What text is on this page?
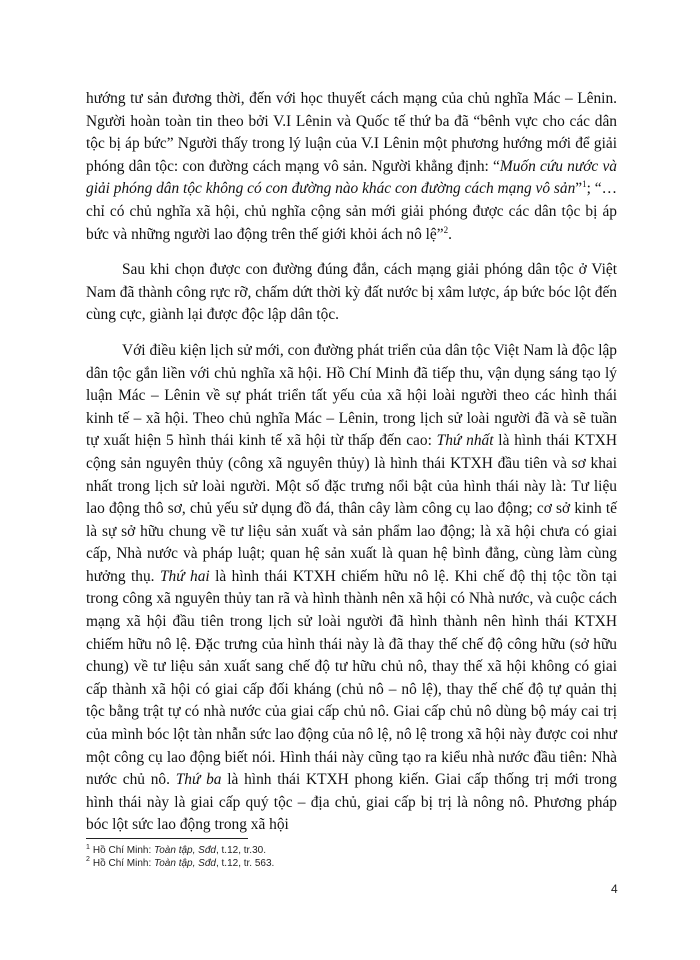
hướng tư sản đương thời, đến với học thuyết cách mạng của chủ nghĩa Mác – Lênin. Người hoàn toàn tin theo bởi V.I Lênin và Quốc tế thứ ba đã “bênh vực cho các dân tộc bị áp bức” Người thấy trong lý luận của V.I Lênin một phương hướng mới để giải phóng dân tộc: con đường cách mạng vô sản. Người khẳng định: “Muốn cứu nước và giải phóng dân tộc không có con đường nào khác con đường cách mạng vô sản”$^1$; “… chỉ có chủ nghĩa xã hội, chủ nghĩa cộng sản mới giải phóng được các dân tộc bị áp bức và những người lao động trên thế giới khỏi ách nô lệ”$^2$.

Sau khi chọn được con đường đúng đắn, cách mạng giải phóng dân tộc ở Việt Nam đã thành công rực rỡ, chấm dứt thời kỳ đất nước bị xâm lược, áp bức bóc lột đến cùng cực, giành lại được độc lập dân tộc.

Với điều kiện lịch sử mới, con đường phát triển của dân tộc Việt Nam là độc lập dân tộc gắn liền với chủ nghĩa xã hội. Hồ Chí Minh đã tiếp thu, vận dụng sáng tạo lý luận Mác – Lênin về sự phát triển tất yếu của xã hội loài người theo các hình thái kinh tế – xã hội. Theo chủ nghĩa Mác – Lênin, trong lịch sử loài người đã và sẽ tuần tự xuất hiện 5 hình thái kinh tế xã hội từ thấp đến cao: Thứ nhất là hình thái KTXH cộng sản nguyên thủy (công xã nguyên thủy) là hình thái KTXH đầu tiên và sơ khai nhất trong lịch sử loài người. Một số đặc trưng nổi bật của hình thái này là: Tư liệu lao động thô sơ, chủ yếu sử dụng đồ đá, thân cây làm công cụ lao động; cơ sở kinh tế là sự sở hữu chung về tư liệu sản xuất và sản phẩm lao động; là xã hội chưa có giai cấp, Nhà nước và pháp luật; quan hệ sản xuất là quan hệ bình đẳng, cùng làm cùng hưởng thụ. Thứ hai là hình thái KTXH chiếm hữu nô lệ. Khi chế độ thị tộc tồn tại trong công xã nguyên thủy tan rã và hình thành nên xã hội có Nhà nước, và cuộc cách mạng xã hội đầu tiên trong lịch sử loài người đã hình thành nên hình thái KTXH chiếm hữu nô lệ. Đặc trưng của hình thái này là đã thay thế chế độ công hữu (sở hữu chung) về tư liệu sản xuất sang chế độ tư hữu chủ nô, thay thế xã hội không có giai cấp thành xã hội có giai cấp đối kháng (chủ nô – nô lệ), thay thế chế độ tự quản thị tộc bằng trật tự có nhà nước của giai cấp chủ nô. Giai cấp chủ nô dùng bộ máy cai trị của mình bóc lột tàn nhẫn sức lao động của nô lệ, nô lệ trong xã hội này được coi như một công cụ lao động biết nói. Hình thái này cũng tạo ra kiểu nhà nước đầu tiên: Nhà nước chủ nô. Thứ ba là hình thái KTXH phong kiến. Giai cấp thống trị mới trong hình thái này là giai cấp quý tộc – địa chủ, giai cấp bị trị là nông nô. Phương pháp bóc lột sức lao động trong xã hội

$^1$ Hồ Chí Minh: Toàn tập, Sđd, t.12, tr.30.
$^2$ Hồ Chí Minh: Toàn tập, Sđd, t.12, tr. 563.
4
